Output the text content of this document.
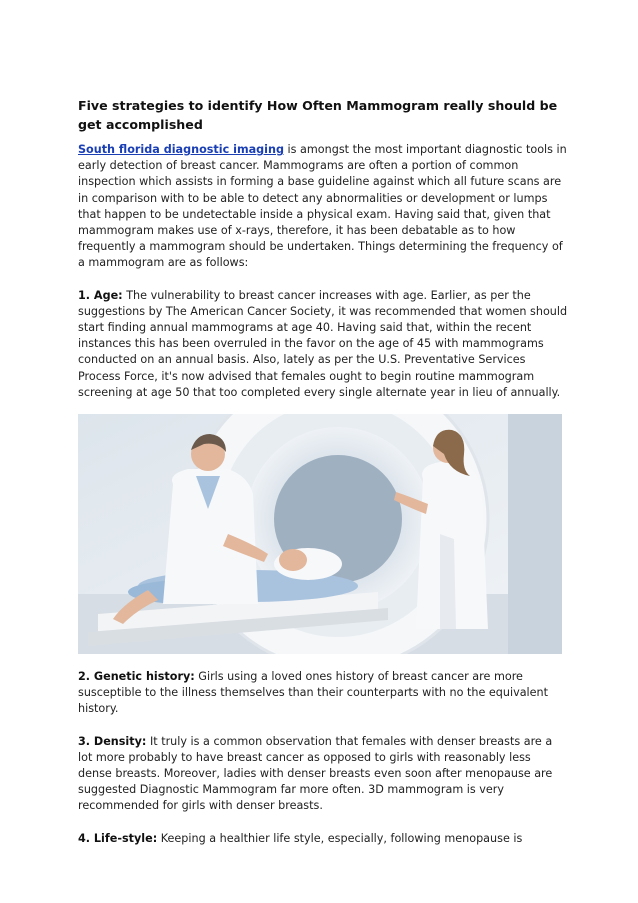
Five strategies to identify How Often Mammogram really should be get accomplished

South florida diagnostic imaging is amongst the most important diagnostic tools in early detection of breast cancer. Mammograms are often a portion of common inspection which assists in forming a base guideline against which all future scans are in comparison with to be able to detect any abnormalities or development or lumps that happen to be undetectable inside a physical exam. Having said that, given that mammogram makes use of x-rays, therefore, it has been debatable as to how frequently a mammogram should be undertaken. Things determining the frequency of a mammogram are as follows:

1. Age: The vulnerability to breast cancer increases with age. Earlier, as per the suggestions by The American Cancer Society, it was recommended that women should start finding annual mammograms at age 40. Having said that, within the recent instances this has been overruled in the favor on the age of 45 with mammograms conducted on an annual basis. Also, lately as per the U.S. Preventative Services Process Force, it's now advised that females ought to begin routine mammogram screening at age 50 that too completed every single alternate year in lieu of annually.

2. Genetic history: Girls using a loved ones history of breast cancer are more susceptible to the illness themselves than their counterparts with no the equivalent history.

3. Density: It truly is a common observation that females with denser breasts are a lot more probably to have breast cancer as opposed to girls with reasonably less dense breasts. Moreover, ladies with denser breasts even soon after menopause are suggested Diagnostic Mammogram far more often. 3D mammogram is very recommended for girls with denser breasts.

4. Life-style: Keeping a healthier life style, especially, following menopause is
